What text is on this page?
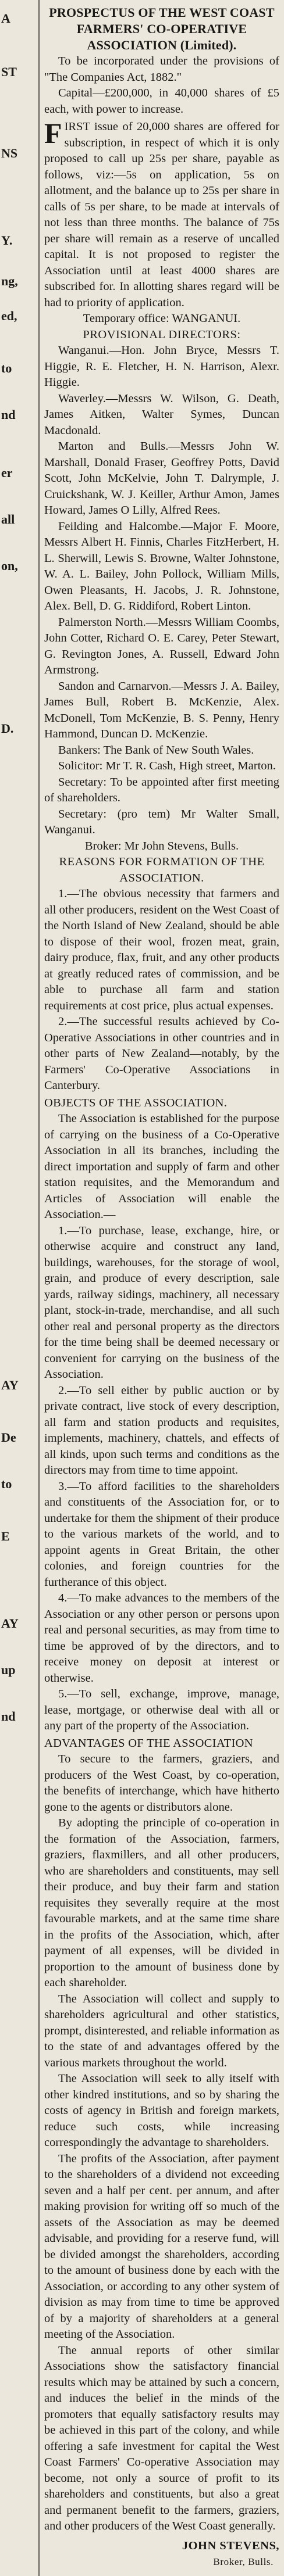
A
ST
NS
Y.
ng,
ed,
to
nd
er
all
on,
D.
AY
De
to
E
AY
up
nd

PROSPECTUS OF THE WEST COAST

FARMERS' CO-OPERATIVE

ASSOCIATION (Limited).

To be incorporated under the provisions of "The Companies Act, 1882."

Capital—£200,000, in 40,000 shares of £5 each, with power to increase.

FIRST issue of 20,000 shares are offered for subscription, in respect of which it is only proposed to call up 25s per share, payable as follows, viz:—5s on application, 5s on allotment, and the balance up to 25s per share in calls of 5s per share, to be made at intervals of not less than three months. The balance of 75s per share will remain as a reserve of uncalled capital. It is not proposed to register the Association until at least 4000 shares are subscribed for. In allotting shares regard will be had to priority of application.

Temporary office: WANGANUI.

PROVISIONAL DIRECTORS:

Wanganui.—Hon. John Bryce, Messrs T. Higgie, R. E. Fletcher, H. N. Harrison, Alexr. Higgie.

Waverley.—Messrs W. Wilson, G. Death, James Aitken, Walter Symes, Duncan Macdonald.

Marton and Bulls.—Messrs John W. Marshall, Donald Fraser, Geoffrey Potts, David Scott, John McKelvie, John T. Dalrymple, J. Cruickshank, W. J. Keiller, Arthur Amon, James Howard, James O Lilly, Alfred Rees.

Feilding and Halcombe.—Major F. Moore, Messrs Albert H. Finnis, Charles FitzHerbert, H. L. Sherwill, Lewis S. Browne, Walter Johnstone, W. A. L. Bailey, John Pollock, William Mills, Owen Pleasants, H. Jacobs, J. R. Johnstone, Alex. Bell, D. G. Riddiford, Robert Linton.

Palmerston North.—Messrs William Coombs, John Cotter, Richard O. E. Carey, Peter Stewart, G. Revington Jones, A. Russell, Edward John Armstrong.

Sandon and Carnarvon.—Messrs J. A. Bailey, James Bull, Robert B. McKenzie, Alex. McDonell, Tom McKenzie, B. S. Penny, Henry Hammond, Duncan D. McKenzie.

Bankers: The Bank of New South Wales.

Solicitor: Mr T. R. Cash, High street, Marton.

Secretary: To be appointed after first meeting of shareholders.

Secretary: (pro tem) Mr Walter Small, Wanganui.

Broker: Mr John Stevens, Bulls.

REASONS FOR FORMATION OF THE ASSOCIATION.

1.—The obvious necessity that farmers and all other producers, resident on the West Coast of the North Island of New Zealand, should be able to dispose of their wool, frozen meat, grain, dairy produce, flax, fruit, and any other products at greatly reduced rates of commission, and be able to purchase all farm and station requirements at cost price, plus actual expenses.

2.—The successful results achieved by Co-Operative Associations in other countries and in other parts of New Zealand—notably, by the Farmers' Co-Operative Associations in Canterbury.

OBJECTS OF THE ASSOCIATION.

The Association is established for the purpose of carrying on the business of a Co-Operative Association in all its branches, including the direct importation and supply of farm and other station requisites, and the Memorandum and Articles of Association will enable the Association.—

1.—To purchase, lease, exchange, hire, or otherwise acquire and construct any land, buildings, warehouses, for the storage of wool, grain, and produce of every description, sale yards, railway sidings, machinery, all necessary plant, stock-in-trade, merchandise, and all such other real and personal property as the directors for the time being shall be deemed necessary or convenient for carrying on the business of the Association.

2.—To sell either by public auction or by private contract, live stock of every description, all farm and station products and requisites, implements, machinery, chattels, and effects of all kinds, upon such terms and conditions as the directors may from time to time appoint.

3.—To afford facilities to the shareholders and constituents of the Association for, or to undertake for them the shipment of their produce to the various markets of the world, and to appoint agents in Great Britain, the other colonies, and foreign countries for the furtherance of this object.

4.—To make advances to the members of the Association or any other person or persons upon real and personal securities, as may from time to time be approved of by the directors, and to receive money on deposit at interest or otherwise.

5.—To sell, exchange, improve, manage, lease, mortgage, or otherwise deal with all or any part of the property of the Association.

ADVANTAGES OF THE ASSOCIATION

To secure to the farmers, graziers, and producers of the West Coast, by co-operation, the benefits of interchange, which have hitherto gone to the agents or distributors alone.

By adopting the principle of co-operation in the formation of the Association, farmers, graziers, flaxmillers, and all other producers, who are shareholders and constituents, may sell their produce, and buy their farm and station requisites they severally require at the most favourable markets, and at the same time share in the profits of the Association, which, after payment of all expenses, will be divided in proportion to the amount of business done by each shareholder.

The Association will collect and supply to shareholders agricultural and other statistics, prompt, disinterested, and reliable information as to the state of and advantages offered by the various markets throughout the world.

The Association will seek to ally itself with other kindred institutions, and so by sharing the costs of agency in British and foreign markets, reduce such costs, while increasing correspondingly the advantage to shareholders.

The profits of the Association, after payment to the shareholders of a dividend not exceeding seven and a half per cent. per annum, and after making provision for writing off so much of the assets of the Association as may be deemed advisable, and providing for a reserve fund, will be divided amongst the shareholders, according to the amount of business done by each with the Association, or according to any other system of division as may from time to time be approved of by a majority of shareholders at a general meeting of the Association.

The annual reports of other similar Associations show the satisfactory financial results which may be attained by such a concern, and induces the belief in the minds of the promoters that equally satisfactory results may be achieved in this part of the colony, and while offering a safe investment for capital the West Coast Farmers' Co-operative Association may become, not only a source of profit to its shareholders and constituents, but also a great and permanent benefit to the farmers, graziers, and other producers of the West Coast generally.

JOHN STEVENS,

Broker, Bulls.
